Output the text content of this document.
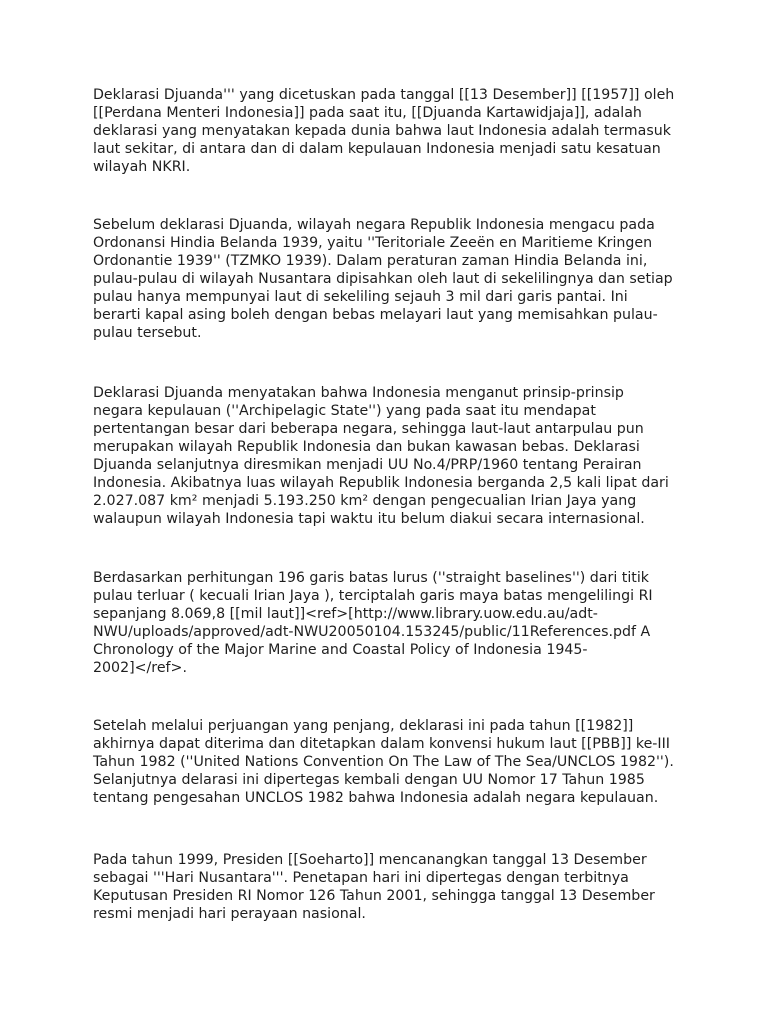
Deklarasi Djuanda''' yang dicetuskan pada tanggal [[13 Desember]] [[1957]] oleh
[[Perdana Menteri Indonesia]] pada saat itu, [[Djuanda Kartawidjaja]], adalah
deklarasi yang menyatakan kepada dunia bahwa laut Indonesia adalah termasuk
laut sekitar, di antara dan di dalam kepulauan Indonesia menjadi satu kesatuan
wilayah NKRI.

Sebelum deklarasi Djuanda, wilayah negara Republik Indonesia mengacu pada
Ordonansi Hindia Belanda 1939, yaitu ''Teritoriale Zeeën en Maritieme Kringen
Ordonantie 1939'' (TZMKO 1939). Dalam peraturan zaman Hindia Belanda ini,
pulau-pulau di wilayah Nusantara dipisahkan oleh laut di sekelilingnya dan setiap
pulau hanya mempunyai laut di sekeliling sejauh 3 mil dari garis pantai. Ini
berarti kapal asing boleh dengan bebas melayari laut yang memisahkan pulau-
pulau tersebut.

Deklarasi Djuanda menyatakan bahwa Indonesia menganut prinsip-prinsip
negara kepulauan (''Archipelagic State'') yang pada saat itu mendapat
pertentangan besar dari beberapa negara, sehingga laut-laut antarpulau pun
merupakan wilayah Republik Indonesia dan bukan kawasan bebas. Deklarasi
Djuanda selanjutnya diresmikan menjadi UU No.4/PRP/1960 tentang Perairan
Indonesia. Akibatnya luas wilayah Republik Indonesia berganda 2,5 kali lipat dari
2.027.087 km² menjadi 5.193.250 km² dengan pengecualian Irian Jaya yang
walaupun wilayah Indonesia tapi waktu itu belum diakui secara internasional.

Berdasarkan perhitungan 196 garis batas lurus (''straight baselines'') dari titik
pulau terluar ( kecuali Irian Jaya ), terciptalah garis maya batas mengelilingi RI
sepanjang 8.069,8 [[mil laut]]<ref>[http://www.library.uow.edu.au/adt-
NWU/uploads/approved/adt-NWU20050104.153245/public/11References.pdf A
Chronology of the Major Marine and Coastal Policy of Indonesia 1945-
2002]</ref>.

Setelah melalui perjuangan yang penjang, deklarasi ini pada tahun [[1982]]
akhirnya dapat diterima dan ditetapkan dalam konvensi hukum laut [[PBB]] ke-III
Tahun 1982 (''United Nations Convention On The Law of The Sea/UNCLOS 1982'').
Selanjutnya delarasi ini dipertegas kembali dengan UU Nomor 17 Tahun 1985
tentang pengesahan UNCLOS 1982 bahwa Indonesia adalah negara kepulauan.

Pada tahun 1999, Presiden [[Soeharto]] mencanangkan tanggal 13 Desember
sebagai '''Hari Nusantara'''. Penetapan hari ini dipertegas dengan terbitnya
Keputusan Presiden RI Nomor 126 Tahun 2001, sehingga tanggal 13 Desember
resmi menjadi hari perayaan nasional.
